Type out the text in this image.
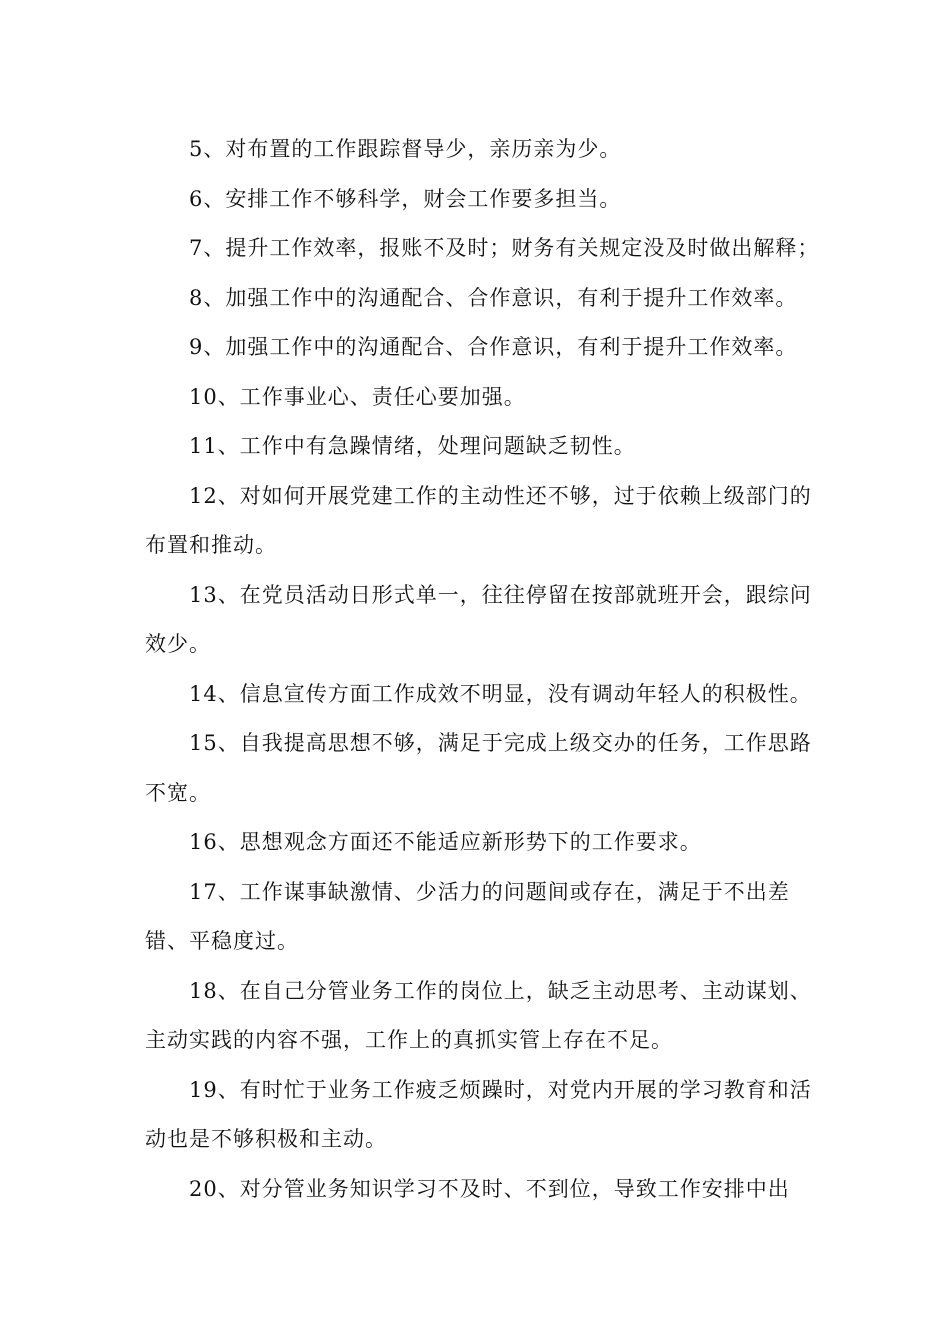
5、对布置的工作跟踪督导少，亲历亲为少。

6、安排工作不够科学，财会工作要多担当。

7、提升工作效率，报账不及时；财务有关规定没及时做出解释；

8、加强工作中的沟通配合、合作意识，有利于提升工作效率。

9、加强工作中的沟通配合、合作意识，有利于提升工作效率。

10、工作事业心、责任心要加强。

11、工作中有急躁情绪，处理问题缺乏韧性。

12、对如何开展党建工作的主动性还不够，过于依赖上级部门的布置和推动。

13、在党员活动日形式单一，往往停留在按部就班开会，跟综问效少。

14、信息宣传方面工作成效不明显，没有调动年轻人的积极性。

15、自我提高思想不够，满足于完成上级交办的任务，工作思路不宽。

16、思想观念方面还不能适应新形势下的工作要求。

17、工作谋事缺激情、少活力的问题间或存在，满足于不出差错、平稳度过。

18、在自己分管业务工作的岗位上，缺乏主动思考、主动谋划、主动实践的内容不强，工作上的真抓实管上存在不足。

19、有时忙于业务工作疲乏烦躁时，对党内开展的学习教育和活动也是不够积极和主动。

20、对分管业务知识学习不及时、不到位，导致工作安排中出
